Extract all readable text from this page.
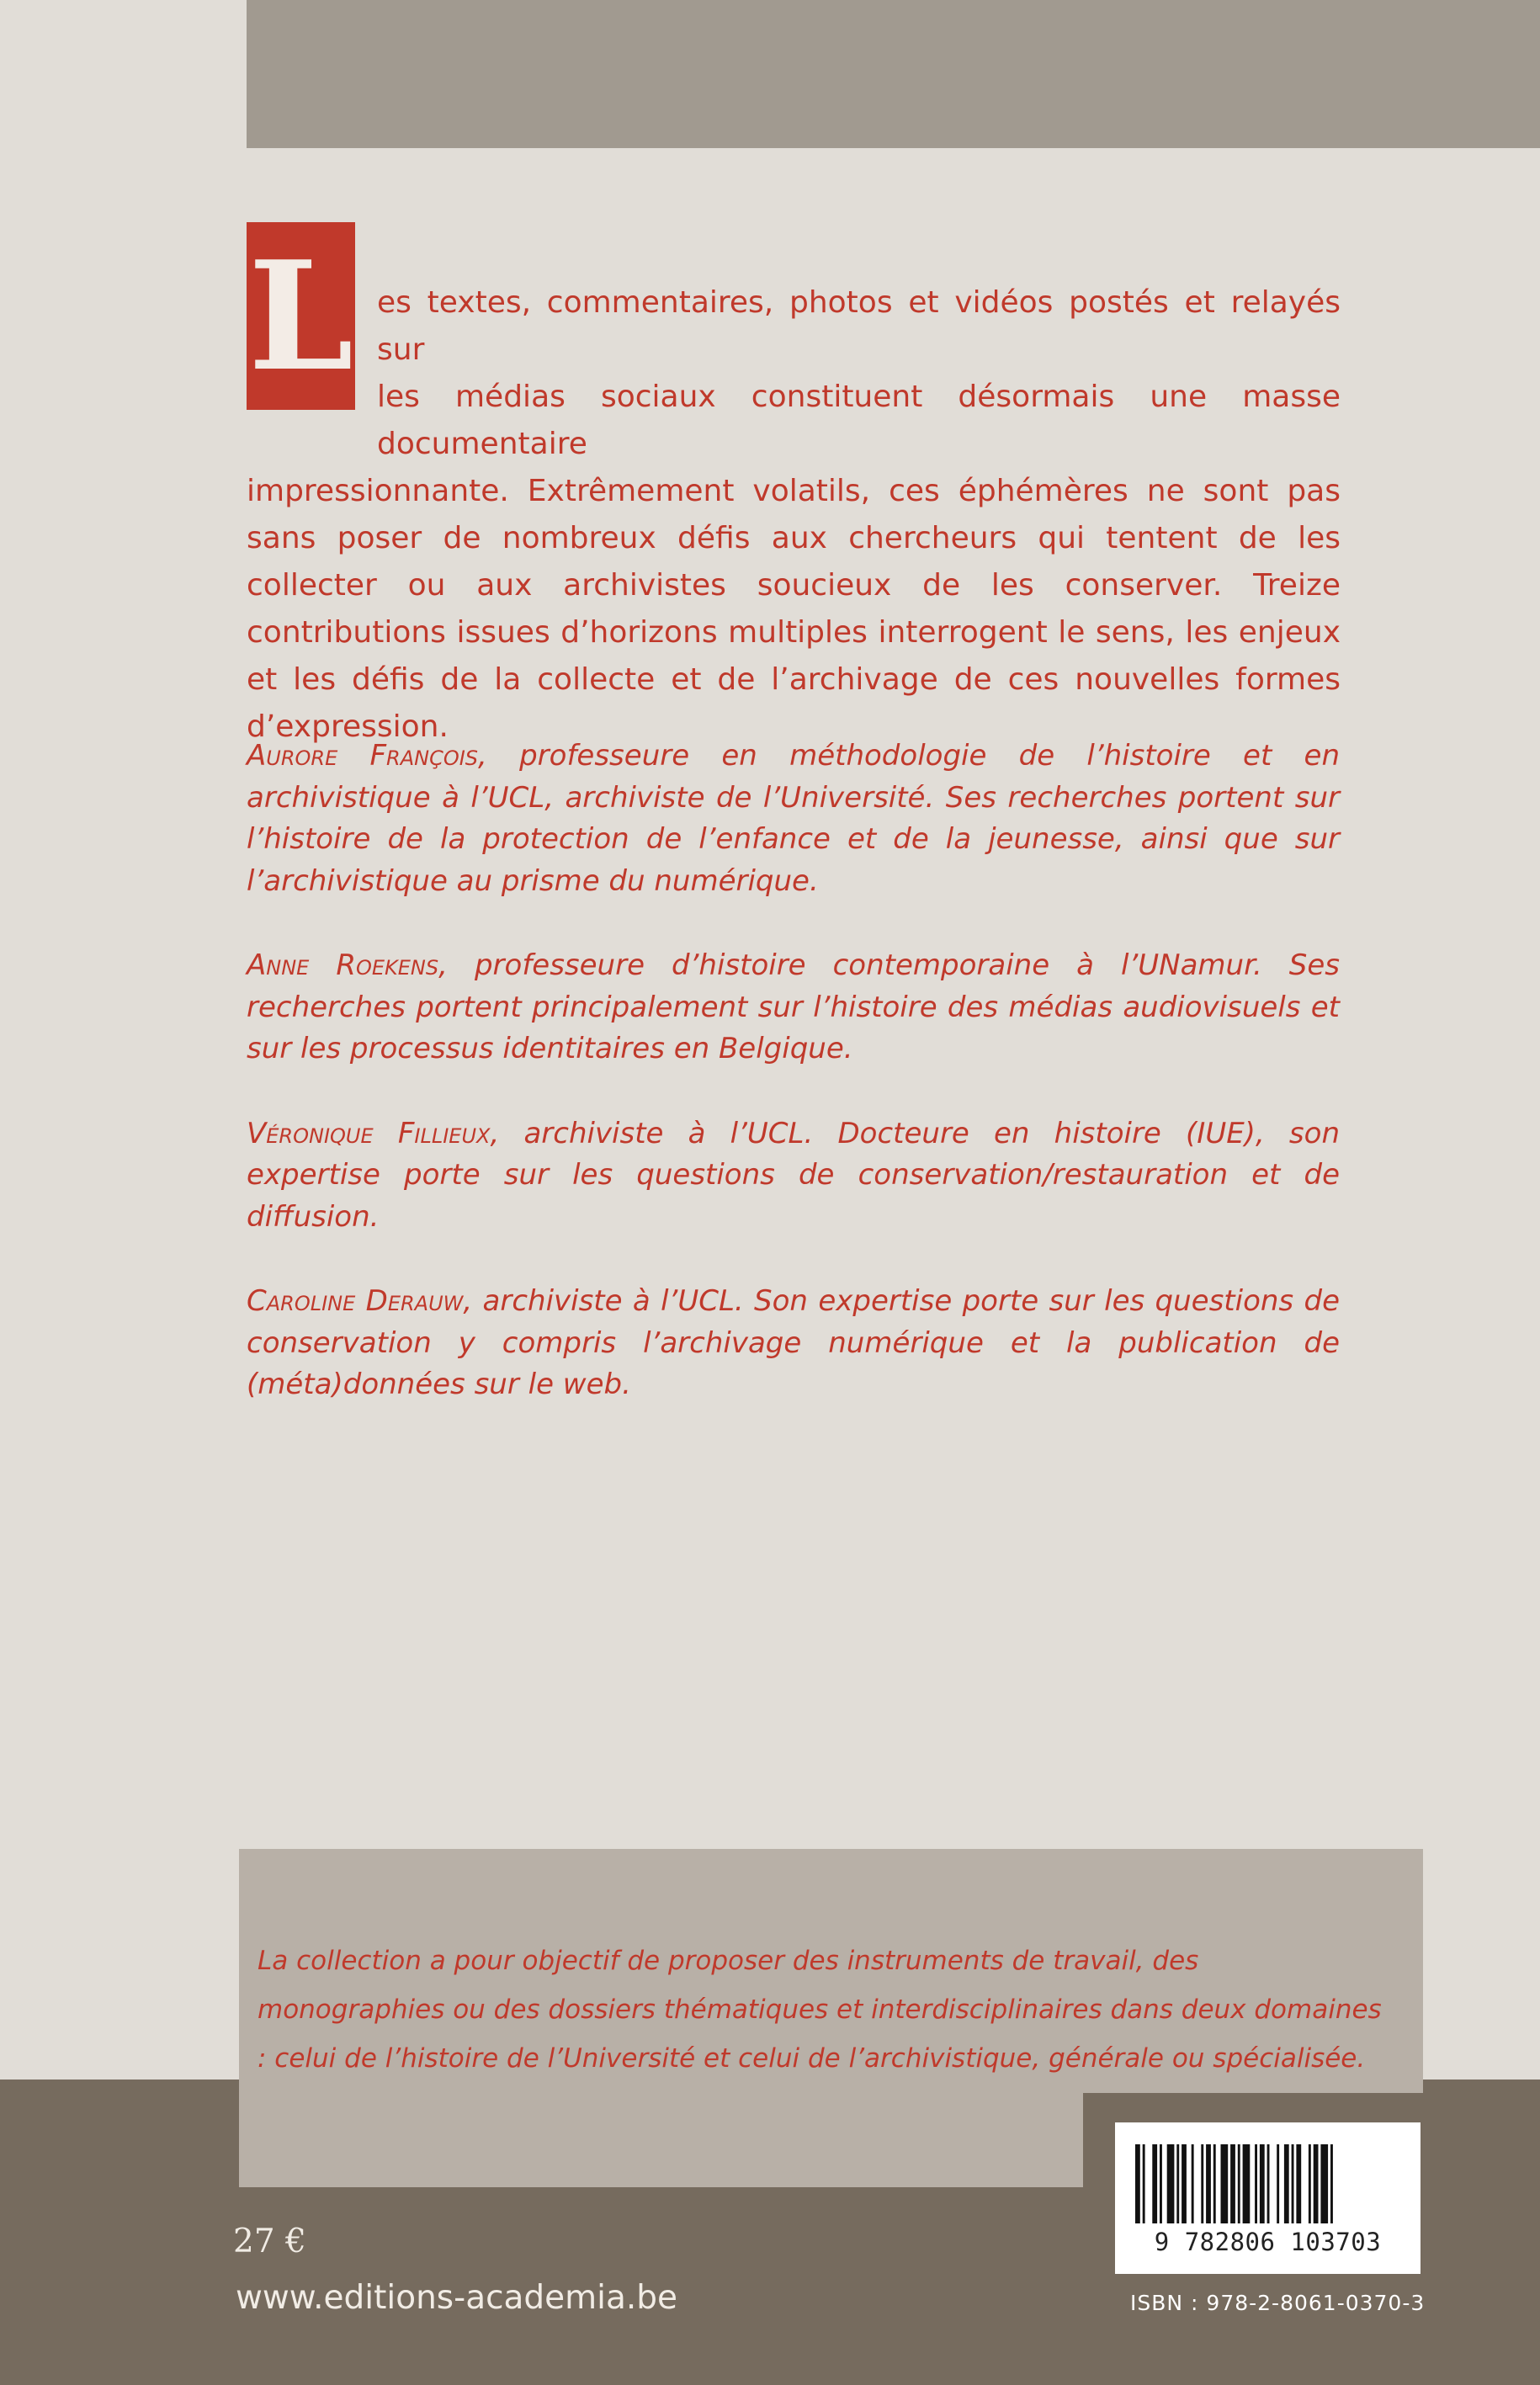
L es textes, commentaires, photos et vidéos postés et relayés sur
les médias sociaux constituent désormais une masse documentaire
impressionnante. Extrêmement volatils, ces éphémères ne sont pas sans poser de nombreux défis aux chercheurs qui tentent de les collecter ou aux archivistes soucieux de les conserver. Treize contributions issues d’horizons multiples interrogent le sens, les enjeux et les défis de la collecte et de l’archivage de ces nouvelles formes d’expression.

Aurore François, professeure en méthodologie de l’histoire et en archivistique à l’UCL, archiviste de l’Université. Ses recherches portent sur l’histoire de la protection de l’enfance et de la jeunesse, ainsi que sur l’archivistique au prisme du numérique.

Anne Roekens, professeure d’histoire contemporaine à l’UNamur. Ses recherches portent principalement sur l’histoire des médias audiovisuels et sur les processus identitaires en Belgique.

Véronique Fillieux, archiviste à l’UCL. Docteure en histoire (IUE), son expertise porte sur les questions de conservation/restauration et de diffusion.

Caroline Derauw, archiviste à l’UCL. Son expertise porte sur les questions de conservation y compris l’archivage numérique et la publication de (méta)données sur le web.

La collection a pour objectif de proposer des instruments de travail, des monographies ou des dossiers thématiques et interdisciplinaires dans deux domaines : celui de l’histoire de l’Université et celui de l’archivistique, générale ou spécialisée.

27 €

www.editions-academia.be

9 782806 103703

ISBN : 978-2-8061-0370-3
